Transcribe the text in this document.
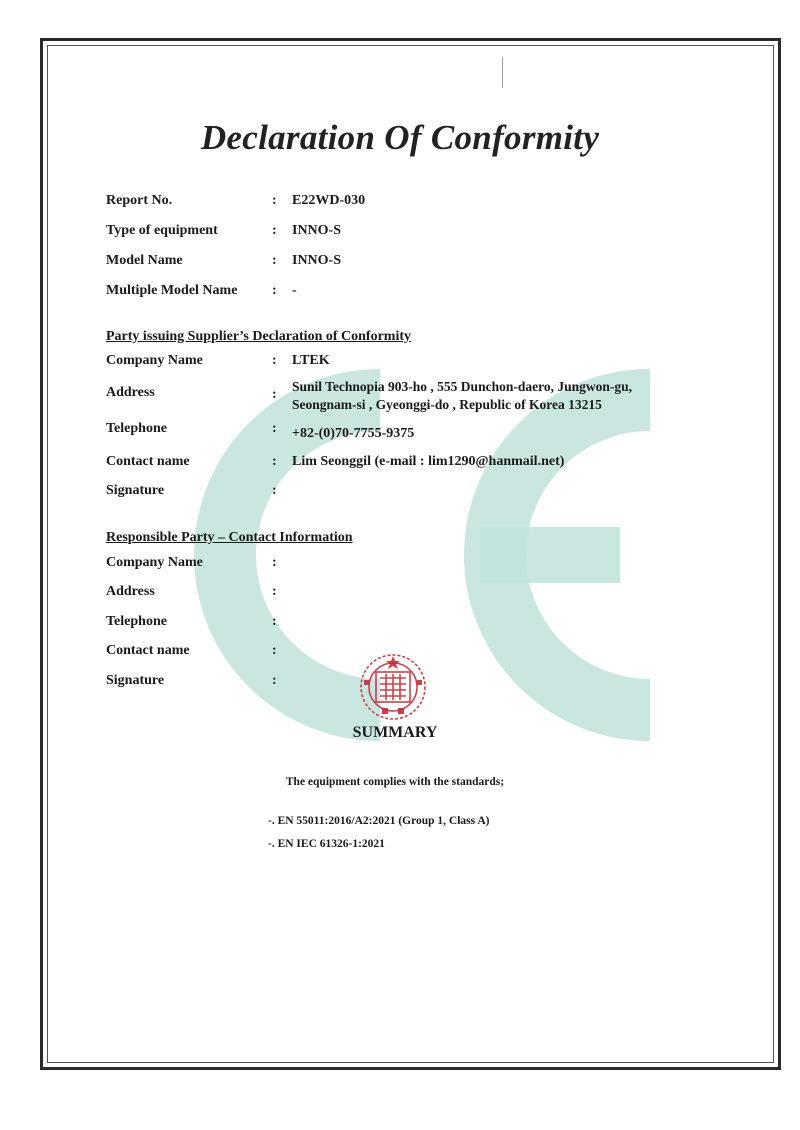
Declaration Of Conformity
Report No.	: E22WD-030
Type of equipment	: INNO-S
Model Name	: INNO-S
Multiple Model Name : -
Party issuing Supplier’s Declaration of Conformity
Company Name	: LTEK
Address	:
Sunil Technopia 903-ho , 555 Dunchon-daero, Jungwon-gu,
Seongnam-si , Gyeonggi-do , Republic of Korea 13215
Telephone	: +82-(0)70-7755-9375
Contact name	: Lim Seonggil (e-mail : lim1290@hanmail.net)
Signature	:
Responsible Party – Contact Information
Company Name	:
Address	:
Telephone	:
Contact name	:
Signature	:
SUMMARY
The equipment complies with the standards;
-. EN 55011:2016/A2:2021 (Group 1, Class A)
-. EN IEC 61326-1:2021
